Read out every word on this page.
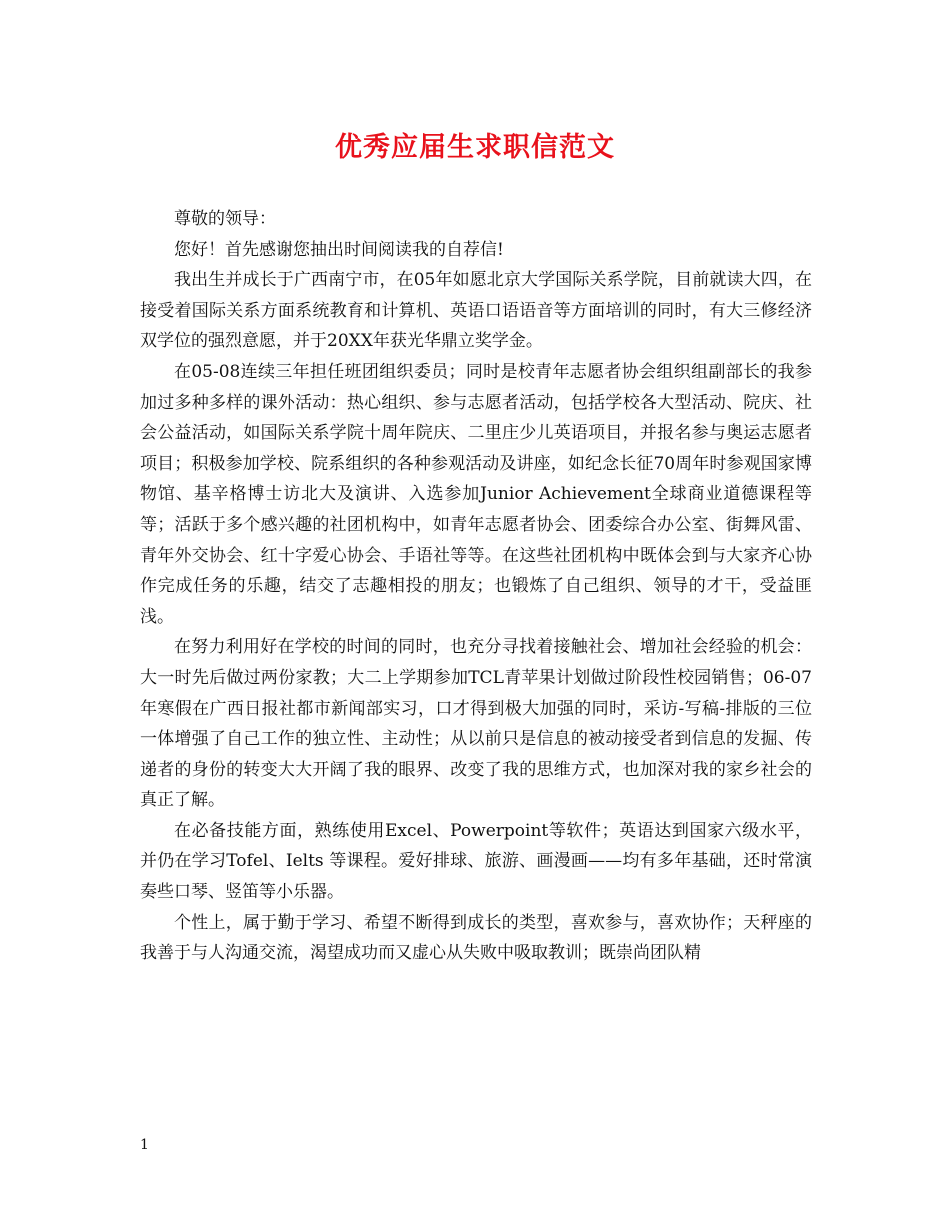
优秀应届生求职信范文

尊敬的领导：

您好！首先感谢您抽出时间阅读我的自荐信!

我出生并成长于广西南宁市，在05年如愿北京大学国际关系学院，目前就读大四，在接受着国际关系方面系统教育和计算机、英语口语语音等方面培训的同时，有大三修经济双学位的强烈意愿，并于20XX年获光华鼎立奖学金。

在05-08连续三年担任班团组织委员；同时是校青年志愿者协会组织组副部长的我参加过多种多样的课外活动：热心组织、参与志愿者活动，包括学校各大型活动、院庆、社会公益活动，如国际关系学院十周年院庆、二里庄少儿英语项目，并报名参与奥运志愿者项目；积极参加学校、院系组织的各种参观活动及讲座，如纪念长征70周年时参观国家博物馆、基辛格博士访北大及演讲、入选参加Junior Achievement全球商业道德课程等等；活跃于多个感兴趣的社团机构中，如青年志愿者协会、团委综合办公室、街舞风雷、青年外交协会、红十字爱心协会、手语社等等。在这些社团机构中既体会到与大家齐心协作完成任务的乐趣，结交了志趣相投的朋友；也锻炼了自己组织、领导的才干，受益匪浅。

在努力利用好在学校的时间的同时，也充分寻找着接触社会、增加社会经验的机会：大一时先后做过两份家教；大二上学期参加TCL青苹果计划做过阶段性校园销售；06-07年寒假在广西日报社都市新闻部实习，口才得到极大加强的同时，采访-写稿-排版的三位一体增强了自己工作的独立性、主动性；从以前只是信息的被动接受者到信息的发掘、传递者的身份的转变大大开阔了我的眼界、改变了我的思维方式，也加深对我的家乡社会的真正了解。

在必备技能方面，熟练使用Excel、Powerpoint等软件；英语达到国家六级水平，并仍在学习Tofel、Ielts 等课程。爱好排球、旅游、画漫画——均有多年基础，还时常演奏些口琴、竖笛等小乐器。

个性上，属于勤于学习、希望不断得到成长的类型，喜欢参与，喜欢协作；天秤座的我善于与人沟通交流，渴望成功而又虚心从失败中吸取教训；既崇尚团队精

1
